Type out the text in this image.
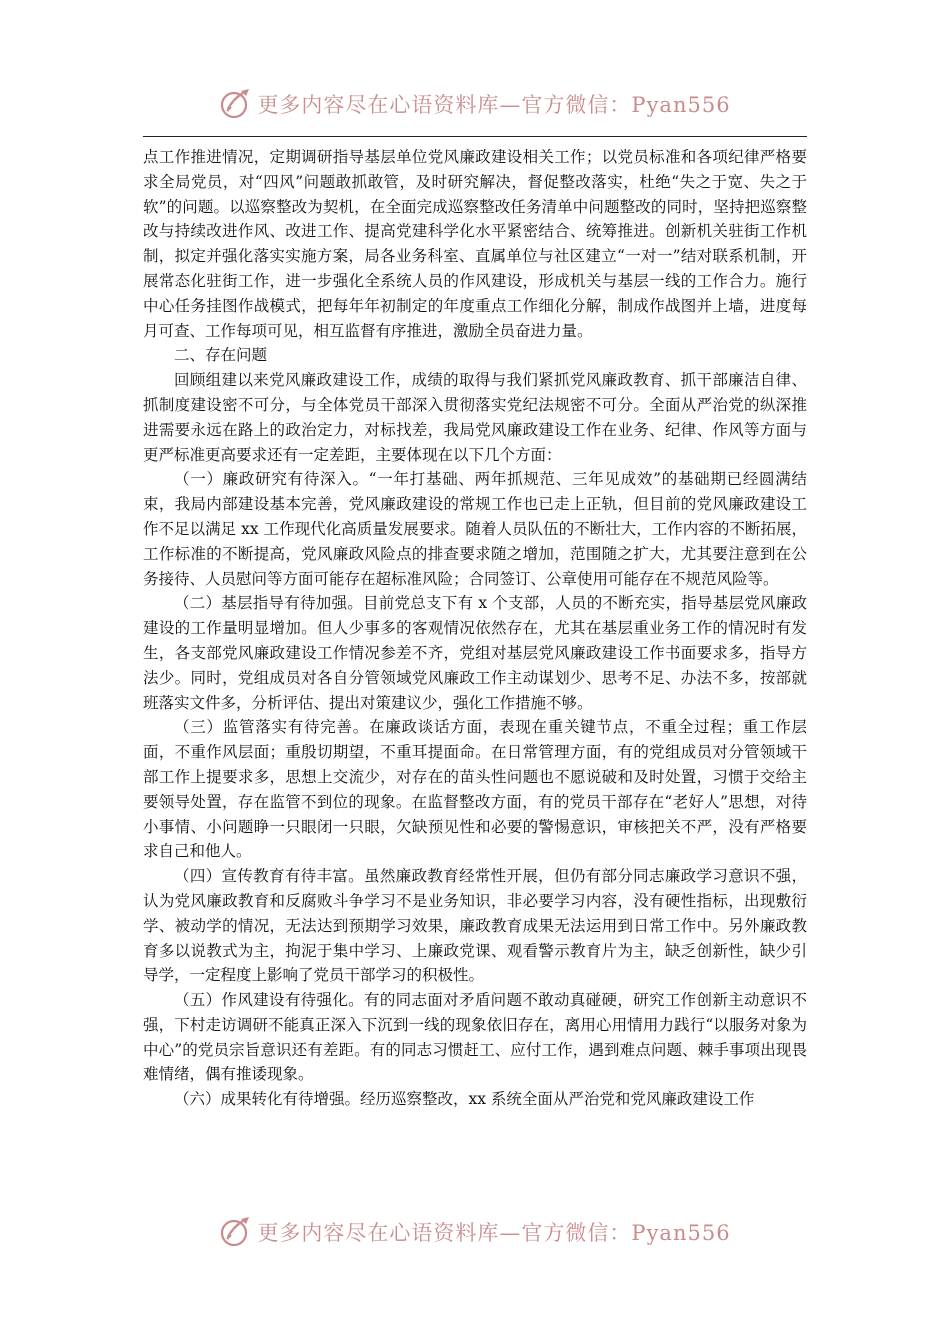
更多内容尽在心语资料库—官方微信：Pyan556

点工作推进情况，定期调研指导基层单位党风廉政建设相关工作；以党员标准和各项纪律严格要求全局党员，对“四风”问题敢抓敢管，及时研究解决，督促整改落实，杜绝“失之于宽、失之于软”的问题。以巡察整改为契机，在全面完成巡察整改任务清单中问题整改的同时，坚持把巡察整改与持续改进作风、改进工作、提高党建科学化水平紧密结合、统筹推进。创新机关驻街工作机制，拟定并强化落实实施方案，局各业务科室、直属单位与社区建立“一对一”结对联系机制，开展常态化驻街工作，进一步强化全系统人员的作风建设，形成机关与基层一线的工作合力。施行中心任务挂图作战模式，把每年年初制定的年度重点工作细化分解，制成作战图并上墙，进度每月可查、工作每项可见，相互监督有序推进，激励全员奋进力量。

二、存在问题

回顾组建以来党风廉政建设工作，成绩的取得与我们紧抓党风廉政教育、抓干部廉洁自律、抓制度建设密不可分，与全体党员干部深入贯彻落实党纪法规密不可分。全面从严治党的纵深推进需要永远在路上的政治定力，对标找差，我局党风廉政建设工作在业务、纪律、作风等方面与更严标准更高要求还有一定差距，主要体现在以下几个方面：

（一）廉政研究有待深入。“一年打基础、两年抓规范、三年见成效”的基础期已经圆满结束，我局内部建设基本完善，党风廉政建设的常规工作也已走上正轨，但目前的党风廉政建设工作不足以满足 xx 工作现代化高质量发展要求。随着人员队伍的不断壮大，工作内容的不断拓展，工作标准的不断提高，党风廉政风险点的排查要求随之增加，范围随之扩大，尤其要注意到在公务接待、人员慰问等方面可能存在超标准风险；合同签订、公章使用可能存在不规范风险等。

（二）基层指导有待加强。目前党总支下有 x 个支部，人员的不断充实，指导基层党风廉政建设的工作量明显增加。但人少事多的客观情况依然存在，尤其在基层重业务工作的情况时有发生，各支部党风廉政建设工作情况参差不齐，党组对基层党风廉政建设工作书面要求多，指导方法少。同时，党组成员对各自分管领域党风廉政工作主动谋划少、思考不足、办法不多，按部就班落实文件多，分析评估、提出对策建议少，强化工作措施不够。

（三）监管落实有待完善。在廉政谈话方面，表现在重关键节点，不重全过程；重工作层面，不重作风层面；重殷切期望，不重耳提面命。在日常管理方面，有的党组成员对分管领域干部工作上提要求多，思想上交流少，对存在的苗头性问题也不愿说破和及时处置，习惯于交给主要领导处置，存在监管不到位的现象。在监督整改方面，有的党员干部存在“老好人”思想，对待小事情、小问题睁一只眼闭一只眼，欠缺预见性和必要的警惕意识，审核把关不严，没有严格要求自己和他人。

（四）宣传教育有待丰富。虽然廉政教育经常性开展，但仍有部分同志廉政学习意识不强，认为党风廉政教育和反腐败斗争学习不是业务知识，非必要学习内容，没有硬性指标，出现敷衍学、被动学的情况，无法达到预期学习效果，廉政教育成果无法运用到日常工作中。另外廉政教育多以说教式为主，拘泥于集中学习、上廉政党课、观看警示教育片为主，缺乏创新性，缺少引导学，一定程度上影响了党员干部学习的积极性。

（五）作风建设有待强化。有的同志面对矛盾问题不敢动真碰硬，研究工作创新主动意识不强，下村走访调研不能真正深入下沉到一线的现象依旧存在，离用心用情用力践行“以服务对象为中心”的党员宗旨意识还有差距。有的同志习惯赶工、应付工作，遇到难点问题、棘手事项出现畏难情绪，偶有推诿现象。

（六）成果转化有待增强。经历巡察整改，xx 系统全面从严治党和党风廉政建设工作

更多内容尽在心语资料库—官方微信：Pyan556
